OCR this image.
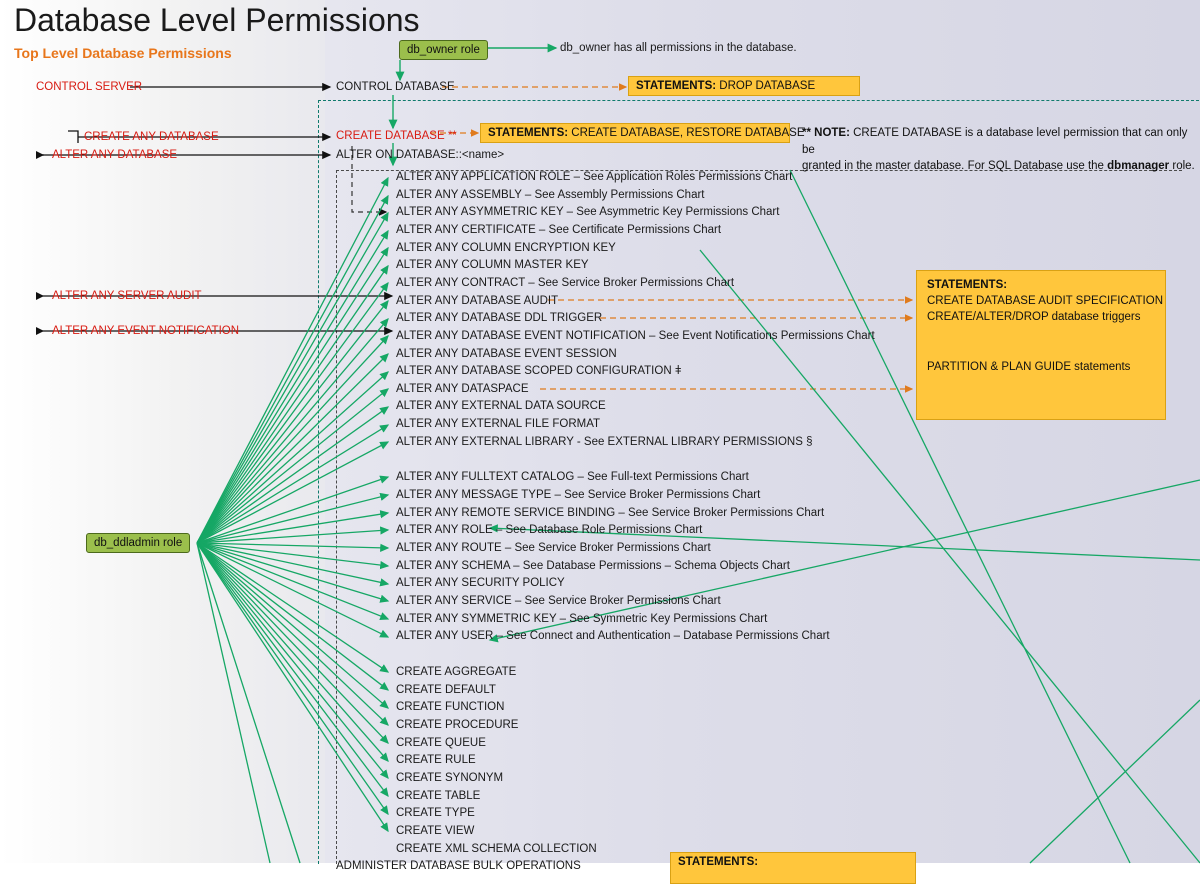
Database Level Permissions
Top Level Database Permissions	db_owner role	db_owner has all permissions in the database.
db_ddladmin role
CONTROL SERVER
CREATE ANY DATABASE
ALTER ANY DATABASE
ALTER ANY SERVER AUDIT
ALTER ANY EVENT NOTIFICATION
CONTROL DATABASE
CREATE DATABASE **
ALTER ON DATABASE::<name>
STATEMENTS: DROP DATABASE
STATEMENTS: CREATE DATABASE, RESTORE DATABASE
** NOTE: CREATE DATABASE is a database level permission that can only be
granted in the master database. For SQL Database use the dbmanager role.
STATEMENTS:
CREATE DATABASE AUDIT SPECIFICATION
CREATE/ALTER/DROP database triggers
PARTITION & PLAN GUIDE statements
STATEMENTS:
ALTER ANY APPLICATION ROLE – See Application Roles Permissions Chart
ALTER ANY ASSEMBLY – See Assembly Permissions Chart
ALTER ANY ASYMMETRIC KEY – See Asymmetric Key Permissions Chart
ALTER ANY CERTIFICATE – See Certificate Permissions Chart
ALTER ANY COLUMN ENCRYPTION KEY
ALTER ANY COLUMN MASTER KEY
ALTER ANY CONTRACT – See Service Broker Permissions Chart
ALTER ANY DATABASE AUDIT
ALTER ANY DATABASE DDL TRIGGER
ALTER ANY DATABASE EVENT NOTIFICATION – See Event Notifications Permissions Chart
ALTER ANY DATABASE EVENT SESSION
ALTER ANY DATABASE SCOPED CONFIGURATION ǂ
ALTER ANY DATASPACE
ALTER ANY EXTERNAL DATA SOURCE
ALTER ANY EXTERNAL FILE FORMAT
ALTER ANY EXTERNAL LIBRARY - See EXTERNAL LIBRARY PERMISSIONS §
ALTER ANY FULLTEXT CATALOG – See Full-text Permissions Chart
ALTER ANY MESSAGE TYPE – See Service Broker Permissions Chart
ALTER ANY REMOTE SERVICE BINDING – See Service Broker Permissions Chart
ALTER ANY ROLE – See Database Role Permissions Chart
ALTER ANY ROUTE – See Service Broker Permissions Chart
ALTER ANY SCHEMA – See Database Permissions – Schema Objects Chart
ALTER ANY SECURITY POLICY
ALTER ANY SERVICE – See Service Broker Permissions Chart
ALTER ANY SYMMETRIC KEY – See Symmetric Key Permissions Chart
ALTER ANY USER – See Connect and Authentication – Database Permissions Chart
CREATE AGGREGATE
CREATE DEFAULT
CREATE FUNCTION
CREATE PROCEDURE
CREATE QUEUE
CREATE RULE
CREATE SYNONYM
CREATE TABLE
CREATE TYPE
CREATE VIEW
CREATE XML SCHEMA COLLECTION
ADMINISTER DATABASE BULK OPERATIONS
